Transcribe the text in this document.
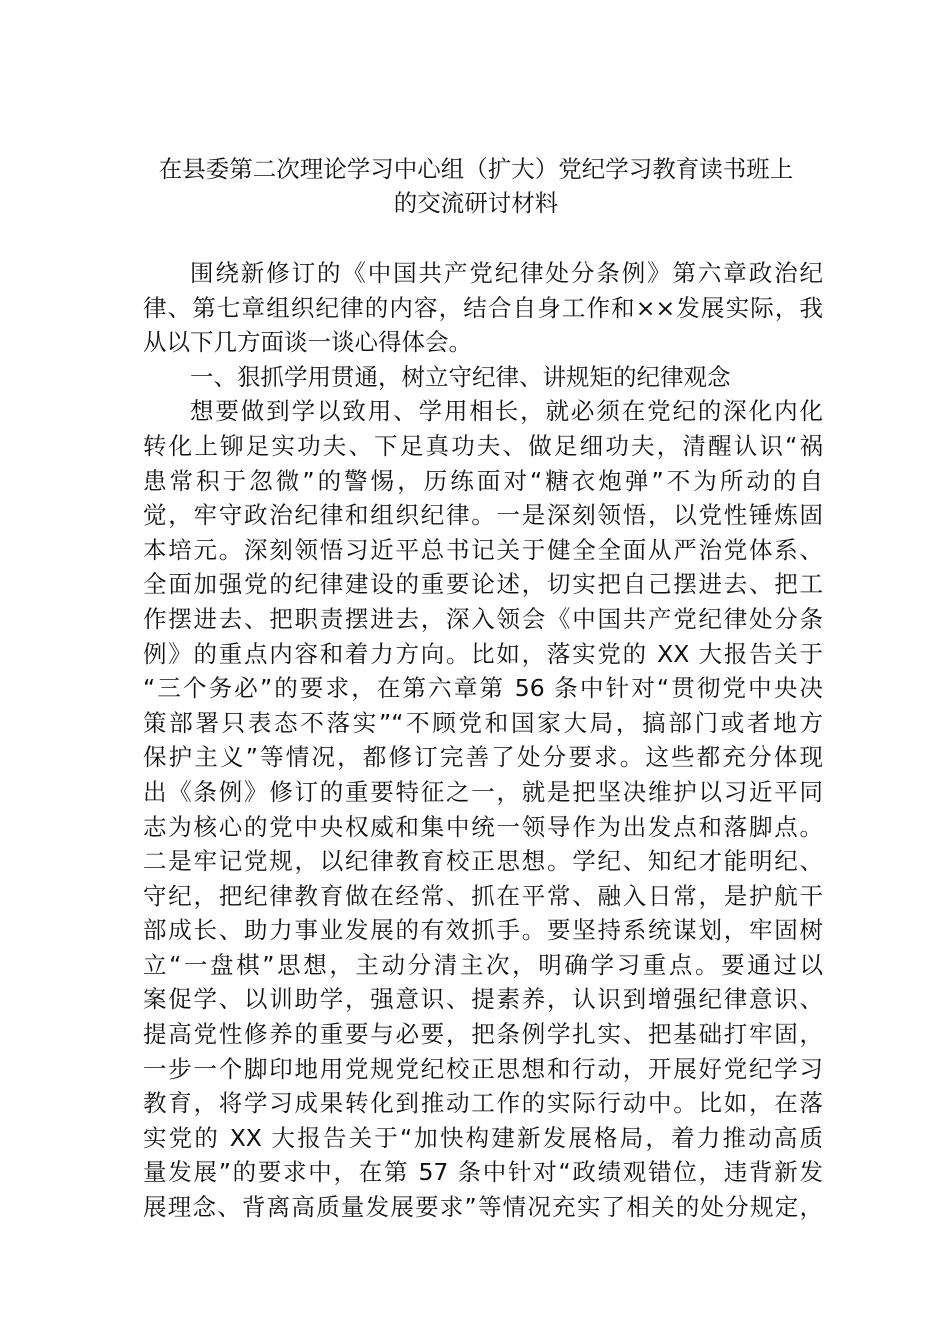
在县委第二次理论学习中心组（扩大）党纪学习教育读书班上
的交流研讨材料
围绕新修订的《中国共产党纪律处分条例》第六章政治纪
律、第七章组织纪律的内容，结合自身工作和××发展实际，我
从以下几方面谈一谈心得体会。
一、狠抓学用贯通，树立守纪律、讲规矩的纪律观念
想要做到学以致用、学用相长，就必须在党纪的深化内化
转化上铆足实功夫、下足真功夫、做足细功夫，清醒认识“祸
患常积于忽微”的警惕，历练面对“糖衣炮弹”不为所动的自
觉，牢守政治纪律和组织纪律。一是深刻领悟，以党性锤炼固
本培元。深刻领悟习近平总书记关于健全全面从严治党体系、
全面加强党的纪律建设的重要论述，切实把自己摆进去、把工
作摆进去、把职责摆进去，深入领会《中国共产党纪律处分条
例》的重点内容和着力方向。比如，落实党的 XX 大报告关于
“三个务必”的要求，在第六章第 56 条中针对“贯彻党中央决
策部署只表态不落实”“不顾党和国家大局，搞部门或者地方
保护主义”等情况，都修订完善了处分要求。这些都充分体现
出《条例》修订的重要特征之一，就是把坚决维护以习近平同
志为核心的党中央权威和集中统一领导作为出发点和落脚点。
二是牢记党规，以纪律教育校正思想。学纪、知纪才能明纪、
守纪，把纪律教育做在经常、抓在平常、融入日常，是护航干
部成长、助力事业发展的有效抓手。要坚持系统谋划，牢固树
立“一盘棋”思想，主动分清主次，明确学习重点。要通过以
案促学、以训助学，强意识、提素养，认识到增强纪律意识、
提高党性修养的重要与必要，把条例学扎实、把基础打牢固，
一步一个脚印地用党规党纪校正思想和行动，开展好党纪学习
教育，将学习成果转化到推动工作的实际行动中。比如，在落
实党的 XX 大报告关于“加快构建新发展格局，着力推动高质
量发展”的要求中，在第 57 条中针对“政绩观错位，违背新发
展理念、背离高质量发展要求”等情况充实了相关的处分规定，
